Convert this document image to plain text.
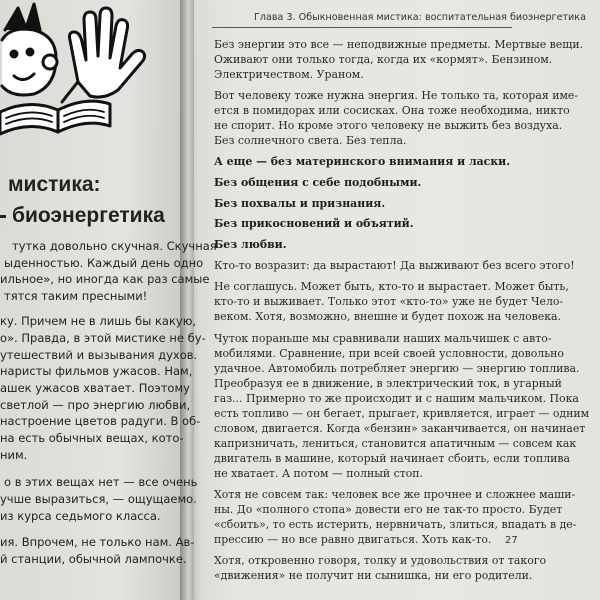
мистика:
биоэнергетика
тутка довольно скучная. Скучная
ыденностью. Каждый день одно
ильное», но иногда как раз самые
тятся таким пресными!
ку. Причем не в лишь бы какую,
о». Правда, в этой мистике не бу-
утешествий и вызывания духов.
наристы фильмов ужасов. Нам,
ашек ужасов хватает. Поэтому
светлой — про энергию любви,
настроение цветов радуги. В об-
на есть обычных вещах, кото-
ним.
о в этих вещах нет — все очень
учше выразиться, — ощущаемо.
из курса седьмого класса.
ия. Впрочем, не только нам. Ав-
й станции, обычной лампочке.
Глава 3. Обыкновенная мистика: воспитательная биоэнергетика
Без энергии это все — неподвижные предметы. Мертвые вещи.
Оживают они только тогда, когда их «кормят». Бензином.
Электричеством. Ураном.
Вот человеку тоже нужна энергия. Не только та, которая име-
ется в помидорах или сосисках. Она тоже необходима, никто
не спорит. Но кроме этого человеку не выжить без воздуха.
Без солнечного света. Без тепла.
А еще — без материнского внимания и ласки.
Без общения с себе подобными.
Без похвалы и признания.
Без прикосновений и объятий.
Без любви.
Кто-то возразит: да вырастают! Да выживают без всего этого!
Не соглашусь. Может быть, кто-то и вырастает. Может быть,
кто-то и выживает. Только этот «кто-то» уже не будет Чело-
веком. Хотя, возможно, внешне и будет похож на человека.
Чуток пораньше мы сравнивали наших мальчишек с авто-
мобилями. Сравнение, при всей своей условности, довольно
удачное. Автомобиль потребляет энергию — энергию топлива.
Преобразуя ее в движение, в электрический ток, в угарный
газ... Примерно то же происходит и с нашим мальчиком. Пока
есть топливо — он бегает, прыгает, кривляется, играет — одним
словом, двигается. Когда «бензин» заканчивается, он начинает
капризничать, лениться, становится апатичным — совсем как
двигатель в машине, который начинает сбоить, если топлива
не хватает. А потом — полный стоп.
Хотя не совсем так: человек все же прочнее и сложнее маши-
ны. До «полного стопа» довести его не так-то просто. Будет
«сбоить», то есть истерить, нервничать, злиться, впадать в де-
прессию — но все равно двигаться. Хоть как-то.
Хотя, откровенно говоря, толку и удовольствия от такого
«движения» не получит ни сынишка, ни его родители.
27
